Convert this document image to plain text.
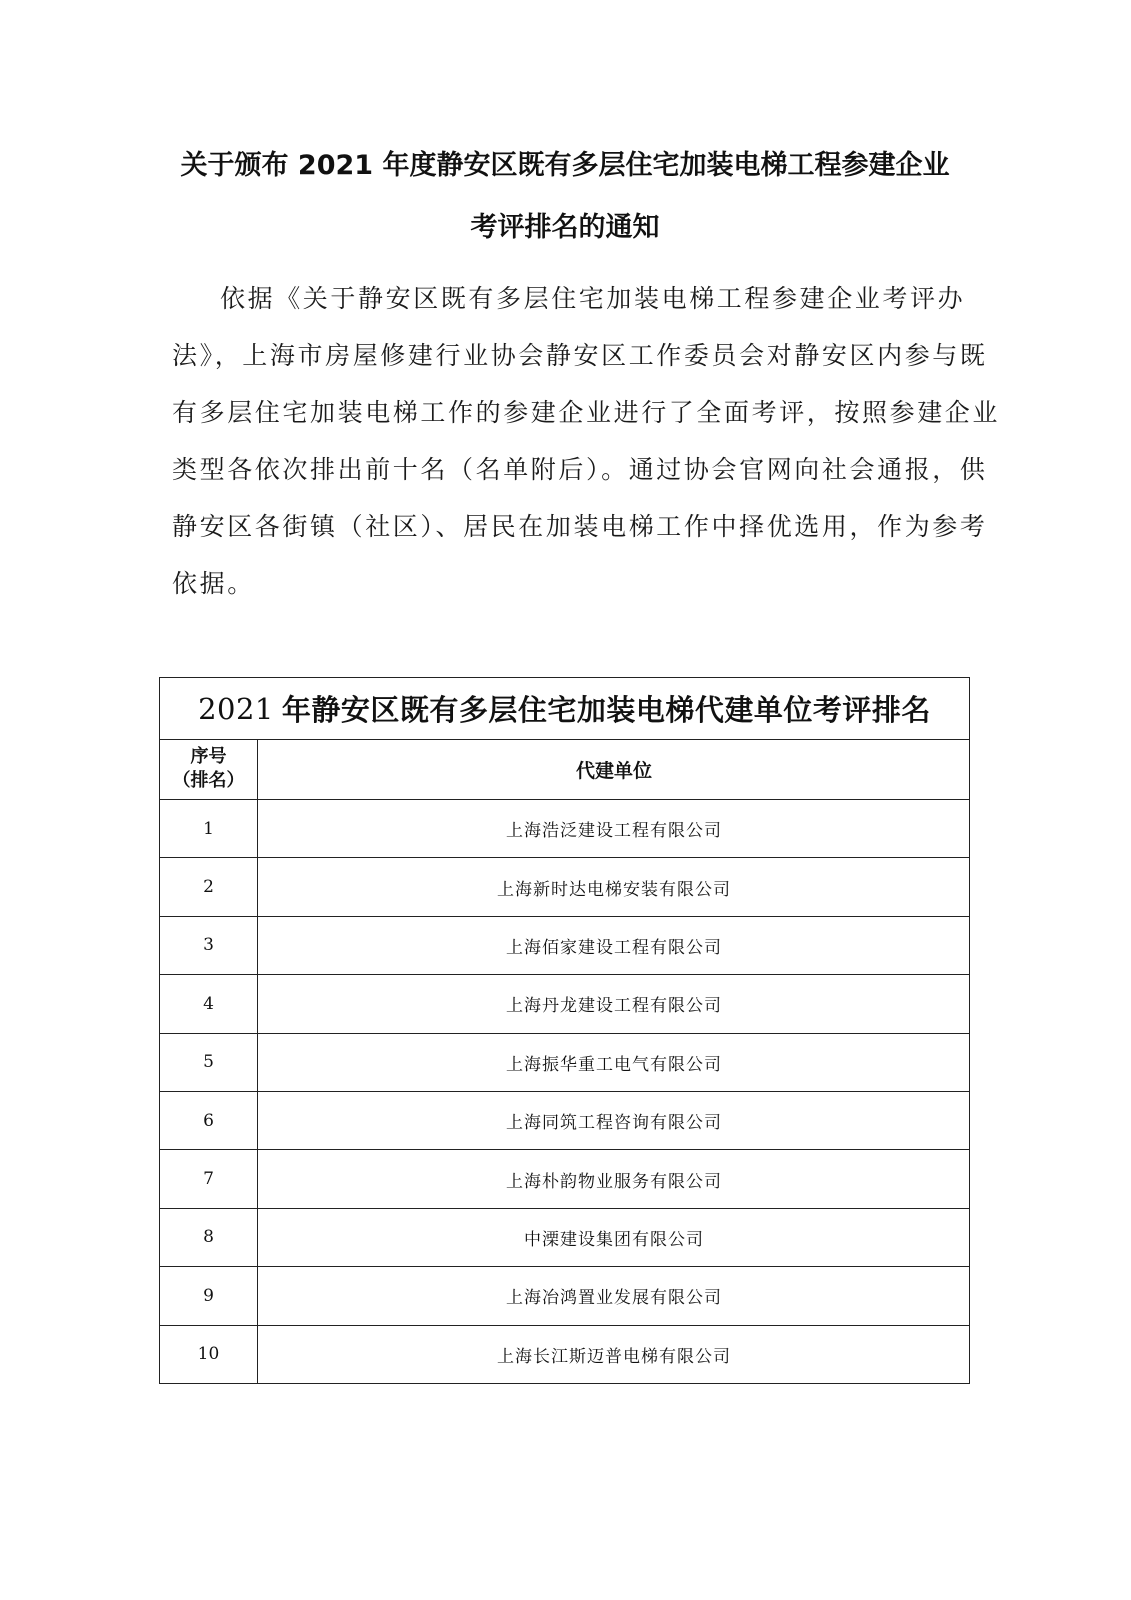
关于颁布 2021 年度静安区既有多层住宅加装电梯工程参建企业
考评排名的通知
依据《关于静安区既有多层住宅加装电梯工程参建企业考评办
法》，上海市房屋修建行业协会静安区工作委员会对静安区内参与既
有多层住宅加装电梯工作的参建企业进行了全面考评，按照参建企业
类型各依次排出前十名（名单附后）。通过协会官网向社会通报，供
静安区各街镇（社区）、居民在加装电梯工作中择优选用，作为参考
依据。
2021 年静安区既有多层住宅加装电梯代建单位考评排名
序号
（排名）	代建单位
1	上海浩泛建设工程有限公司
2	上海新时达电梯安装有限公司
3	上海佰家建设工程有限公司
4	上海丹龙建设工程有限公司
5	上海振华重工电气有限公司
6	上海同筑工程咨询有限公司
7	上海朴韵物业服务有限公司
8	中溧建设集团有限公司
9	上海冶鸿置业发展有限公司
10	上海长江斯迈普电梯有限公司
